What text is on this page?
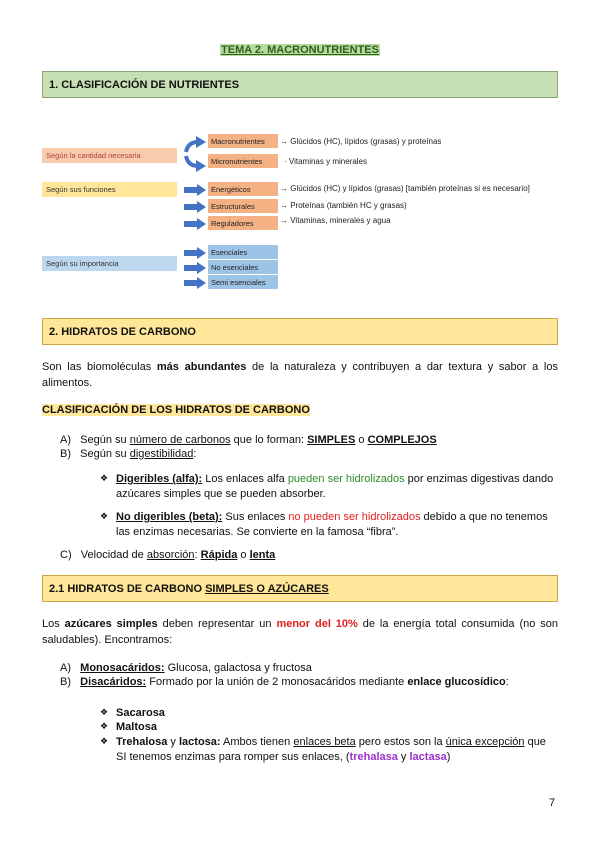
TEMA 2. MACRONUTRIENTES
1. CLASIFICACIÓN DE NUTRIENTES
Según la cantidad necesaria
Macronutrientes	→ Glúcidos (HC), lípidos (grasas) y proteínas
Micronutrientes	· Vitaminas y minerales
Según sus funciones	Energéticos	→ Glúcidos (HC) y lípidos (grasas) [también proteínas si es necesario]
Estructurales	→ Proteínas (también HC y grasas)
Reguladores	→ Vitaminas, minerales y agua
Según su importancia
Esenciales
No esenciales
Semi esenciales
2. HIDRATOS DE CARBONO

Son las biomoléculas más abundantes de la naturaleza y contribuyen a dar textura y sabor a los alimentos.

CLASIFICACIÓN DE LOS HIDRATOS DE CARBONO
A) Según su número de carbonos que lo forman: SIMPLES o COMPLEJOS
B) Según su digestibilidad:
❖ Digeribles (alfa): Los enlaces alfa pueden ser hidrolizados por enzimas digestivas dando azúcares simples que se pueden absorber.

❖ No digeribles (beta): Sus enlaces no pueden ser hidrolizados debido a que no tenemos las enzimas necesarias. Se convierte en la famosa “fibra”.

C) Velocidad de absorción: Rápida o lenta
2.1 HIDRATOS DE CARBONO SIMPLES O AZÚCARES

Los azúcares simples deben representar un menor del 10% de la energía total consumida (no son saludables). Encontramos:

A) Monosacáridos: Glucosa, galactosa y fructosa
B) Disacáridos: Formado por la unión de 2 monosacáridos mediante enlace glucosídico:
❖ Sacarosa
❖ Maltosa
❖ Trehalosa y lactosa: Ambos tienen enlaces beta pero estos son la única excepción que SI tenemos enzimas para romper sus enlaces, (trehalasa y lactasa)

7
